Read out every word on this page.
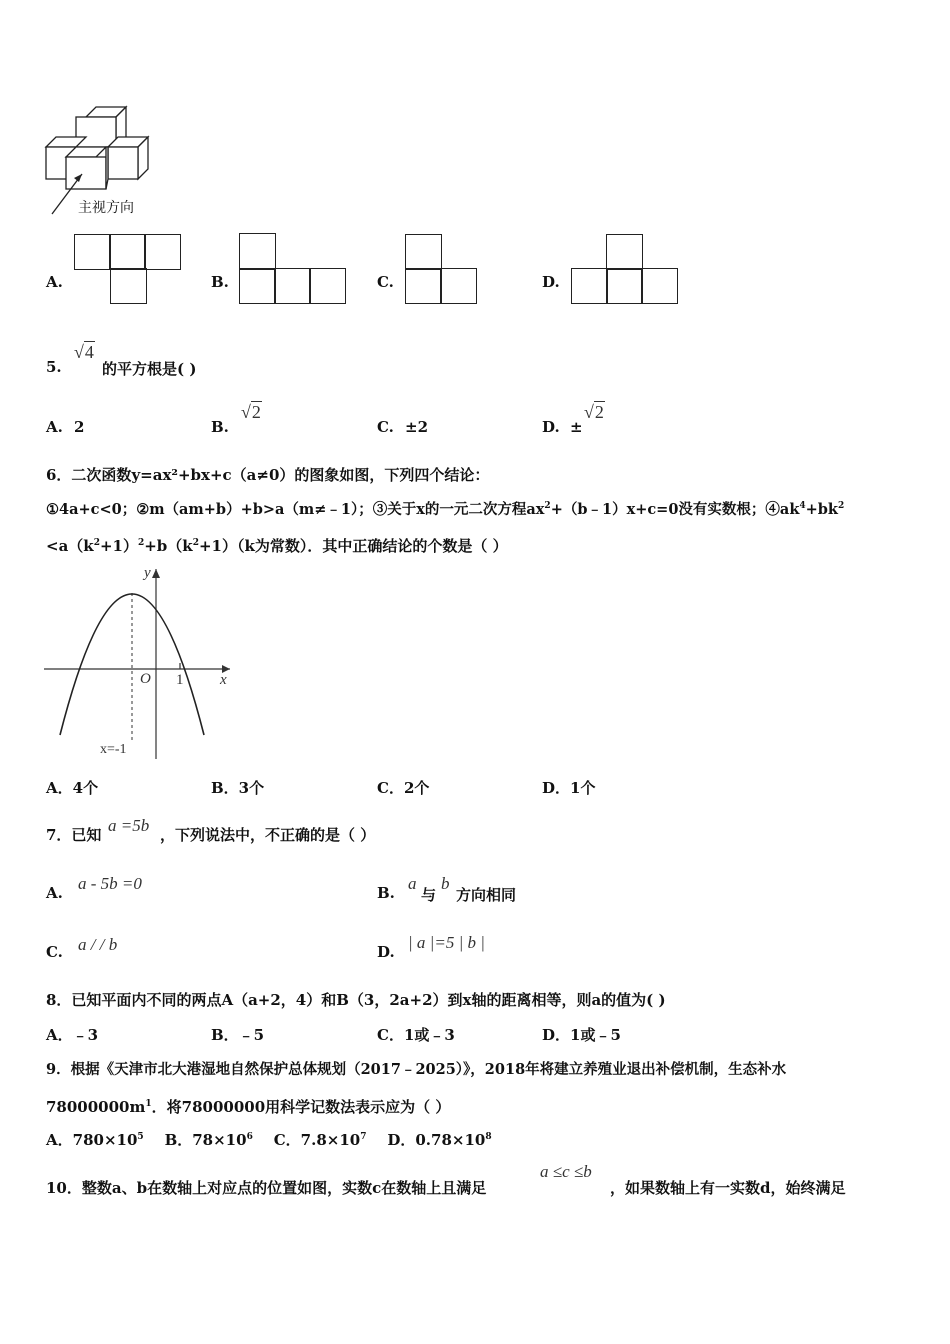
主视方向
A.	B.	C.	D.
5.
√4
的平方根是( )
A. 2	B.
√2
C. ±2	D. ±
√2
6．二次函数y=ax²+bx+c（a≠0）的图象如图，下列四个结论：
①4a+c<0；②m（am+b）+b>a（m≠﹣1）；③关于x的一元二次方程$ax^2+(b﹣1)x+c=0$没有实数根；$④ak^4+bk^2$
$<a(k^2+1)^2+b(k^2+1)(k$为常数）．其中正确结论的个数是（ ）
y
x
O 1
x=-1
A．4个	B．3个	C．2个	D．1个
7．已知 a =5b ，下列说法中，不正确的是（ ）
A. a - 5b =0	B. a
与
b
方向相同
C. a / / b	D. | a |=5 | b |
8．已知平面内不同的两点A（a+2，4）和B（3，2a+2）到x轴的距离相等，则a的值为( )
A．﹣3	B．﹣5	C．1或﹣3	D．1或﹣5
9．根据《天津市北大港湿地自然保护总体规划（2017﹣2025）》，2018年将建立养殖业退出补偿机制，生态补水
$78000000m^1$．将78000000用科学记数法表示应为（ ）
A．$780\times 10^5$ B．$78\times 10^6$ C．$7.8\times 10^7$ D．$0.78\times 10^8$
10．整数a、b在数轴上对应点的位置如图，实数c在数轴上且满足
a ≤c ≤b
，如果数轴上有一实数d，始终满足
